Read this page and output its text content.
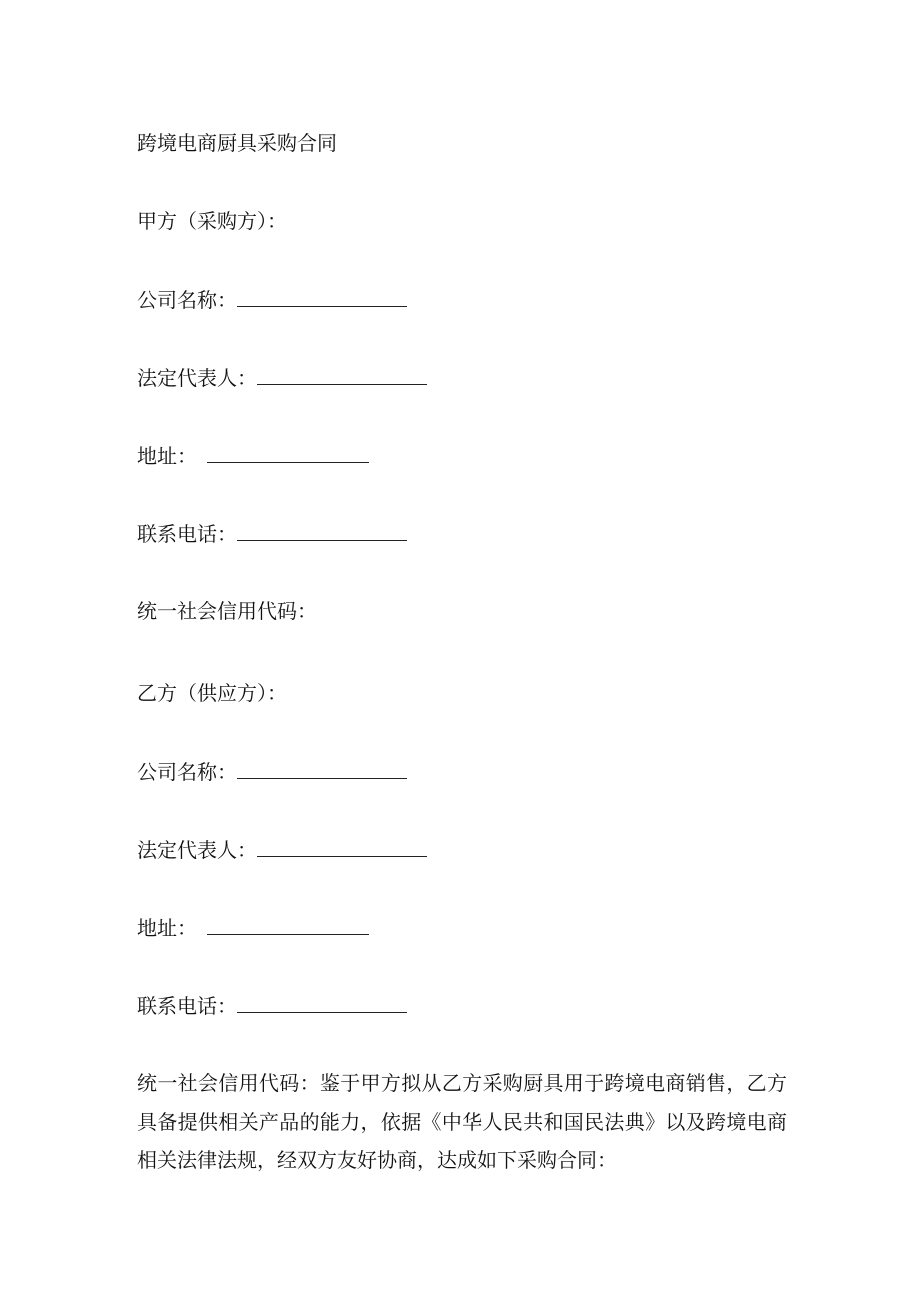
跨境电商厨具采购合同
甲方（采购方）：
公司名称：
法定代表人：
地址：
联系电话：
统一社会信用代码：
乙方（供应方）：
公司名称：
法定代表人：
地址：
联系电话：
统一社会信用代码：鉴于甲方拟从乙方采购厨具用于跨境电商销售，乙方具备提供相关产品的能力，依据《中华人民共和国民法典》以及跨境电商相关法律法规，经双方友好协商，达成如下采购合同：
